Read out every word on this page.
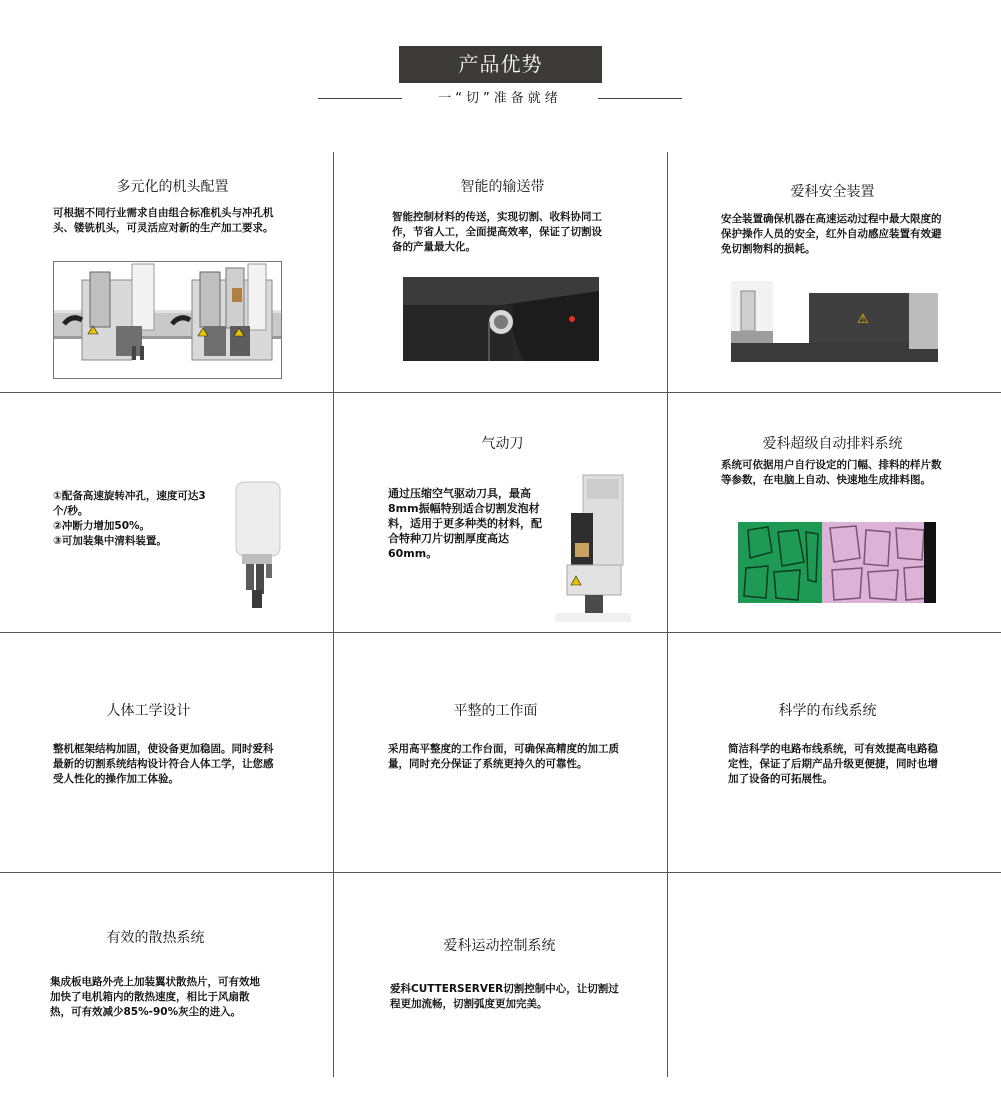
产品优势
一“切”准备就绪
多元化的机头配置
可根据不同行业需求自由组合标准机头与冲孔机头、镂铣机头，可灵活应对新的生产加工要求。
智能的输送带
智能控制材料的传送，实现切割、收料协同工作，节省人工，全面提高效率，保证了切割设备的产量最大化。
爱科安全装置
安全装置确保机器在高速运动过程中最大限度的保护操作人员的安全，红外自动感应装置有效避免切割物料的损耗。
⚠
①配备高速旋转冲孔，速度可达3个/秒。
②冲断力增加50%。
③可加装集中清料装置。
气动刀
通过压缩空气驱动刀具，最高8mm振幅特别适合切割发泡材料，适用于更多种类的材料，配合特种刀片切割厚度高达60mm。
爱科超级自动排料系统
系统可依据用户自行设定的门幅、排料的样片数等参数，在电脑上自动、快速地生成排料图。
人体工学设计
整机框架结构加固，使设备更加稳固。同时爱科最新的切割系统结构设计符合人体工学，让您感受人性化的操作加工体验。
平整的工作面
采用高平整度的工作台面，可确保高精度的加工质量，同时充分保证了系统更持久的可靠性。
科学的布线系统
简洁科学的电路布线系统，可有效提高电路稳定性，保证了后期产品升级更便捷，同时也增加了设备的可拓展性。
有效的散热系统
集成板电路外壳上加装翼状散热片，可有效地加快了电机箱内的散热速度，相比于风扇散热，可有效减少85%-90%灰尘的进入。
爱科运动控制系统
爱科CUTTERSERVER切割控制中心，让切割过程更加流畅，切割弧度更加完美。
